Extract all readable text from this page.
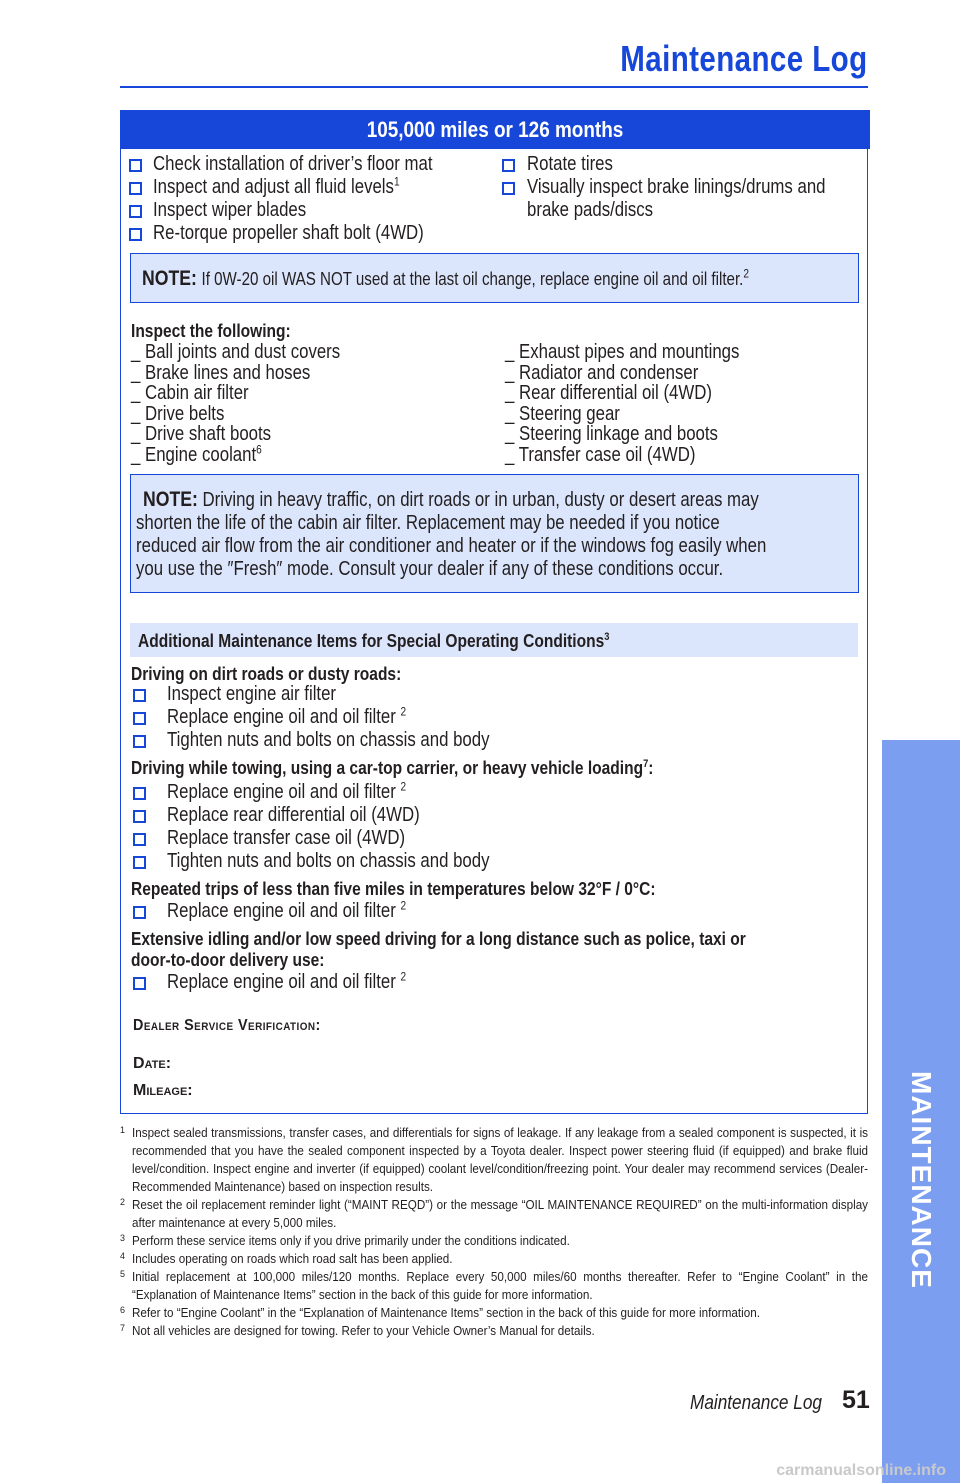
Maintenance Log
105,000 miles or 126 months
Check installation of driver’s floor mat
Inspect and adjust all fluid levels$^1$
Inspect wiper blades
Re-torque propeller shaft bolt (4WD)
Rotate tires
Visually inspect brake linings/drums and
brake pads/discs
NOTE: If 0W-20 oil WAS NOT used at the last oil change, replace engine oil and oil filter.$^2$
Inspect the following:
_ Ball joints and dust covers
_ Brake lines and hoses
_ Cabin air filter
_ Drive belts
_ Drive shaft boots
_ Engine coolant$^6$
_ Exhaust pipes and mountings
_ Radiator and condenser
_ Rear differential oil (4WD)
_ Steering gear
_ Steering linkage and boots
_ Transfer case oil (4WD)
NOTE: Driving in heavy traffic, on dirt roads or in urban, dusty or desert areas may
shorten the life of the cabin air filter. Replacement may be needed if you notice
reduced air flow from the air conditioner and heater or if the windows fog easily when
you use the ″Fresh″ mode. Consult your dealer if any of these conditions occur.
Additional Maintenance Items for Special Operating Conditions$^3$
Driving on dirt roads or dusty roads:
Inspect engine air filter
Replace engine oil and oil filter $^2$
Tighten nuts and bolts on chassis and body
Driving while towing, using a car-top carrier, or heavy vehicle loading$^7$:
Replace engine oil and oil filter $^2$
Replace rear differential oil (4WD)
Replace transfer case oil (4WD)
Tighten nuts and bolts on chassis and body
Repeated trips of less than five miles in temperatures below 32°F / 0°C:
Replace engine oil and oil filter $^2$
Extensive idling and/or low speed driving for a long distance such as police, taxi or
door-to-door delivery use:
Replace engine oil and oil filter $^2$
Dealer Service Verification:
Date:
Mileage:
1 Inspect sealed transmissions, transfer cases, and differentials for signs of leakage. If any leakage from a sealed component is suspected, it is recommended that you have the sealed component inspected by a Toyota dealer. Inspect power steering fluid (if equipped) and brake fluid level/condition. Inspect engine and inverter (if equipped) coolant level/condition/freezing point. Your dealer may recommend services (Dealer-Recommended Maintenance) based on inspection results.
2 Reset the oil replacement reminder light (“MAINT REQD”) or the message “OIL MAINTENANCE REQUIRED” on the multi-information display after maintenance at every 5,000 miles.
3 Perform these service items only if you drive primarily under the conditions indicated.
4 Includes operating on roads which road salt has been applied.
5 Initial replacement at 100,000 miles/120 months. Replace every 50,000 miles/60 months thereafter. Refer to “Engine Coolant” in the “Explanation of Maintenance Items” section in the back of this guide for more information.
6 Refer to “Engine Coolant” in the “Explanation of Maintenance Items” section in the back of this guide for more information.
7 Not all vehicles are designed for towing. Refer to your Vehicle Owner’s Manual for details.
Maintenance Log 51
carmanualsonline.info
